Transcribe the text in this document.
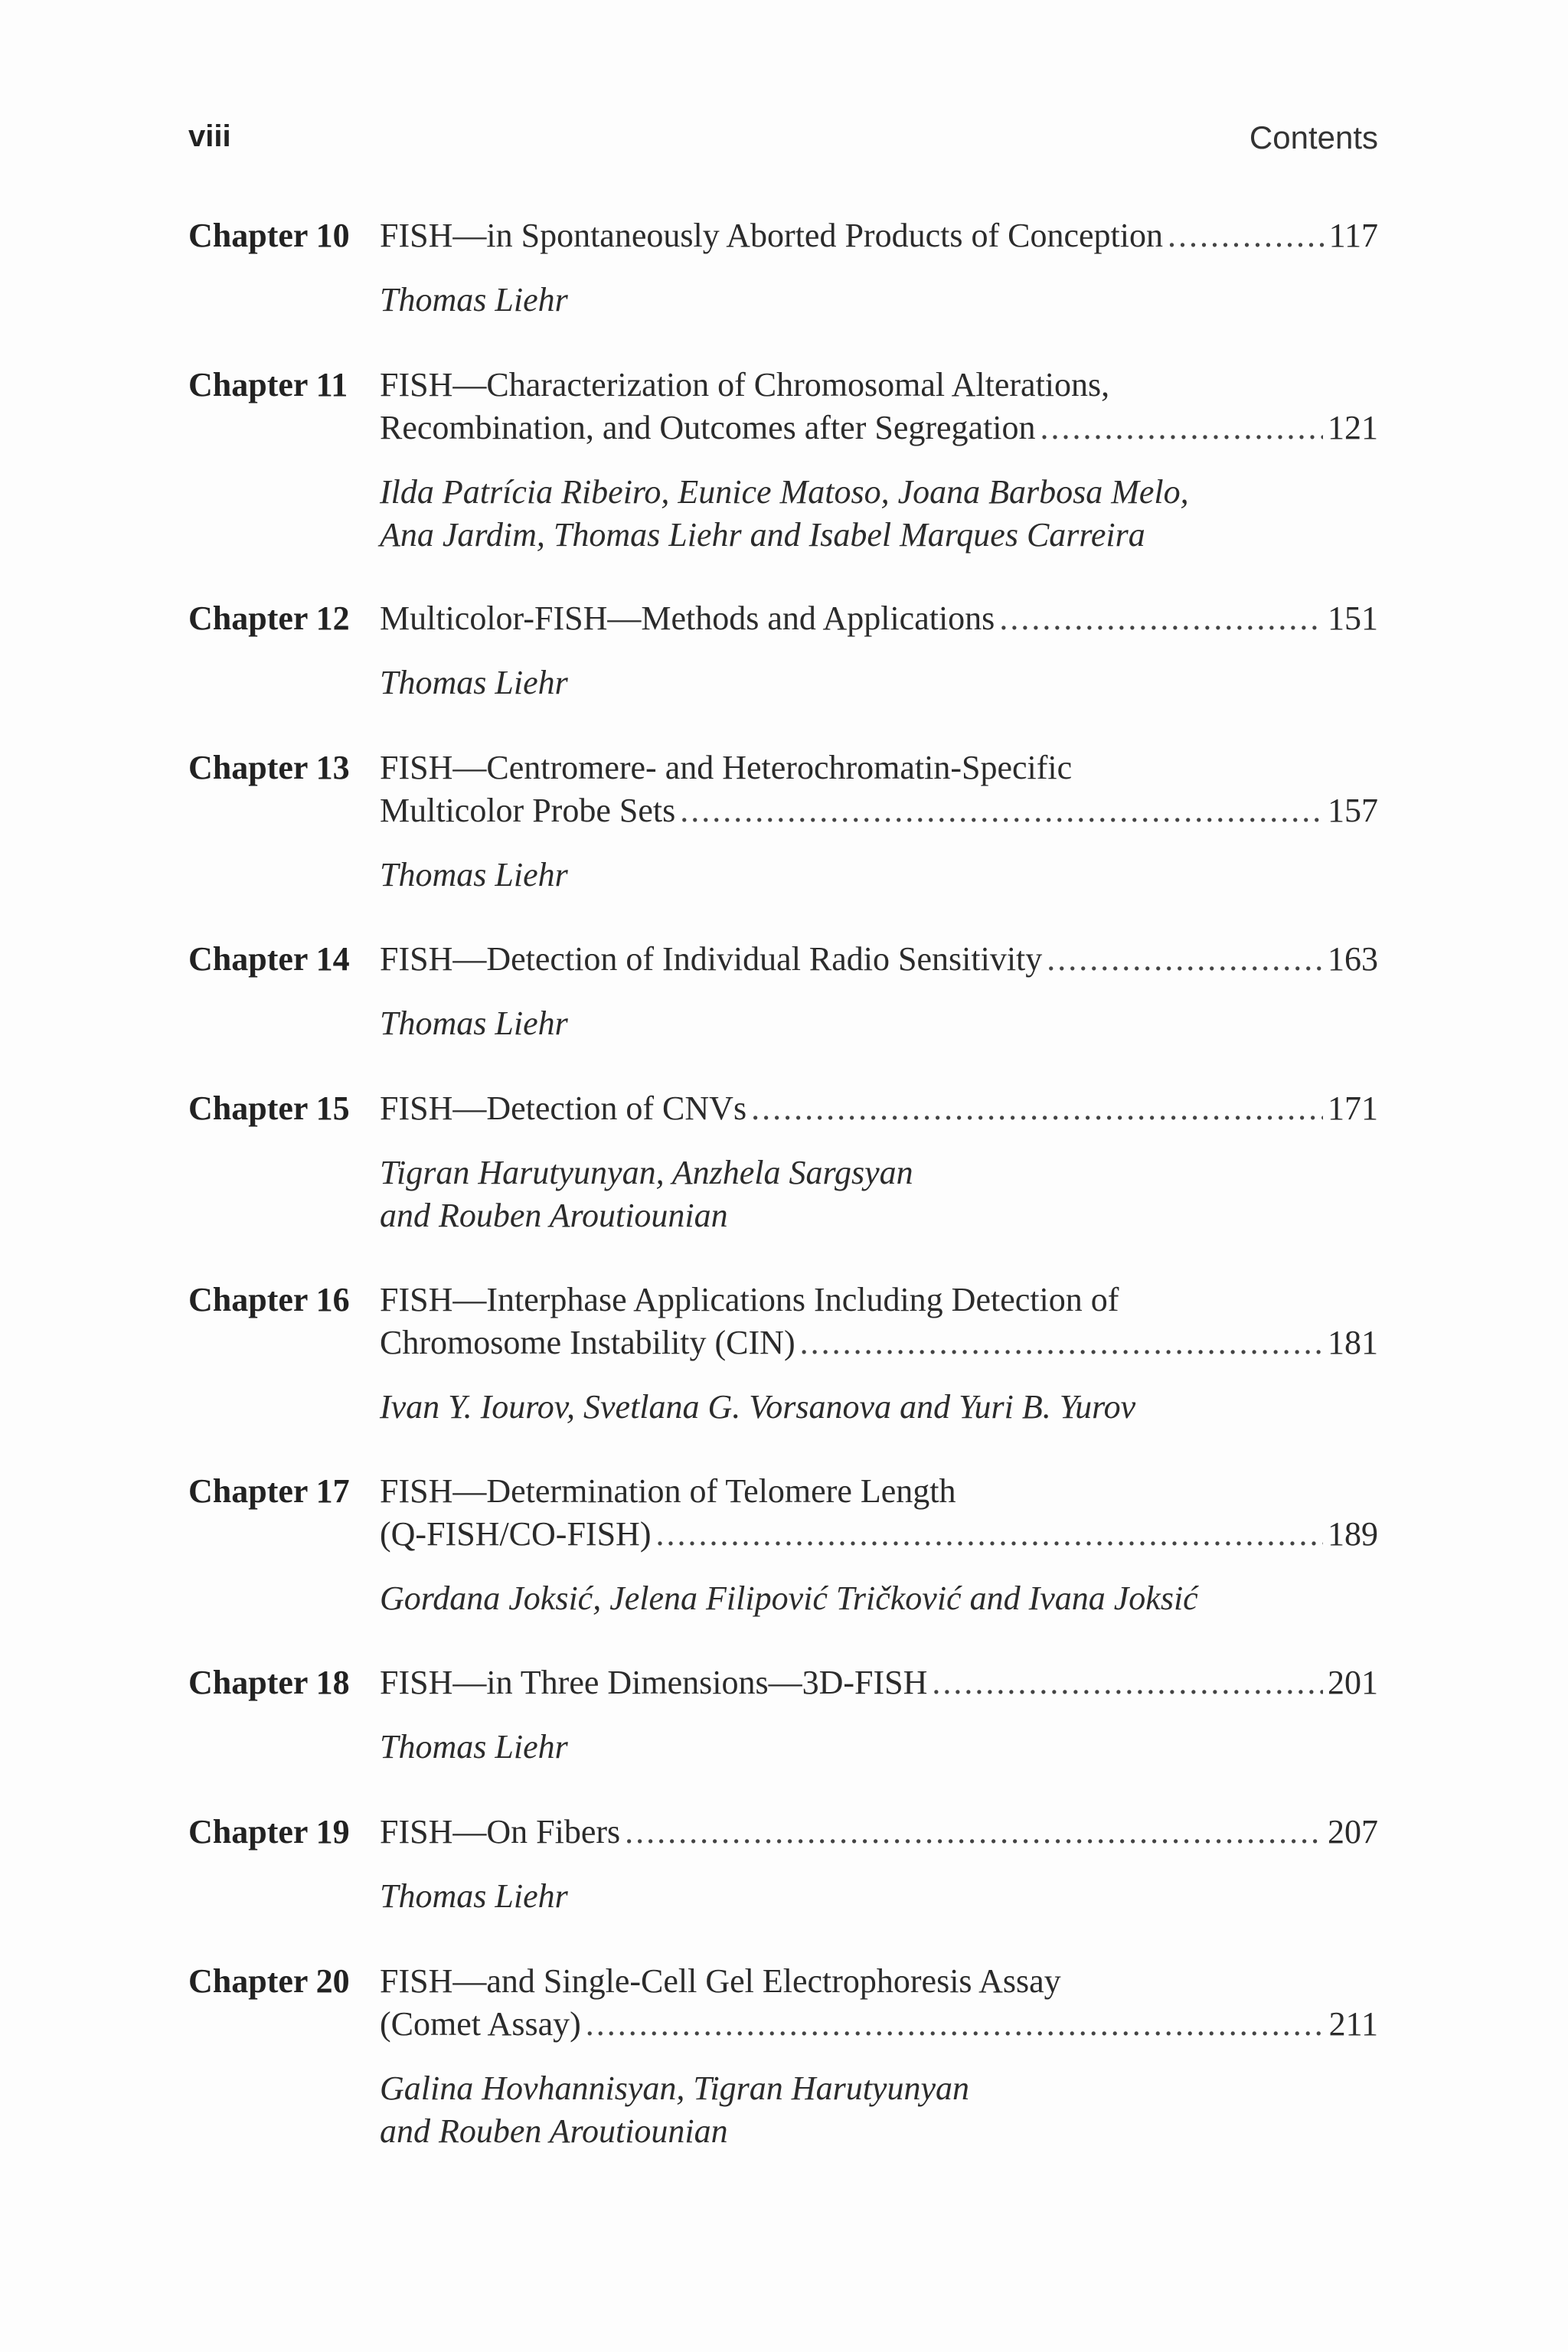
viii	Contents
Chapter 10 FISH—in Spontaneously Aborted Products of Conception .....	117
Thomas Liehr
Chapter 11 FISH—Characterization of Chromosomal Alterations,
Recombination, and Outcomes after Segregation .....	121
Ilda Patrícia Ribeiro, Eunice Matoso, Joana Barbosa Melo,
Ana Jardim, Thomas Liehr and Isabel Marques Carreira
Chapter 12 Multicolor-FISH—Methods and Applications .....	151
Thomas Liehr
Chapter 13 FISH—Centromere- and Heterochromatin-Specific
Multicolor Probe Sets .....	157
Thomas Liehr
Chapter 14 FISH—Detection of Individual Radio Sensitivity .....	163
Thomas Liehr
Chapter 15 FISH—Detection of CNVs .....	171
Tigran Harutyunyan, Anzhela Sargsyan
and Rouben Aroutiounian
Chapter 16 FISH—Interphase Applications Including Detection of
Chromosome Instability (CIN) .....	181
Ivan Y. Iourov, Svetlana G. Vorsanova and Yuri B. Yurov
Chapter 17 FISH—Determination of Telomere Length
(Q-FISH/CO-FISH) .....	189
Gordana Joksić, Jelena Filipović Tričković and Ivana Joksić
Chapter 18 FISH—in Three Dimensions—3D-FISH .....	201
Thomas Liehr
Chapter 19 FISH—On Fibers .....	207
Thomas Liehr
Chapter 20 FISH—and Single-Cell Gel Electrophoresis Assay
(Comet Assay) .....	211
Galina Hovhannisyan, Tigran Harutyunyan
and Rouben Aroutiounian
